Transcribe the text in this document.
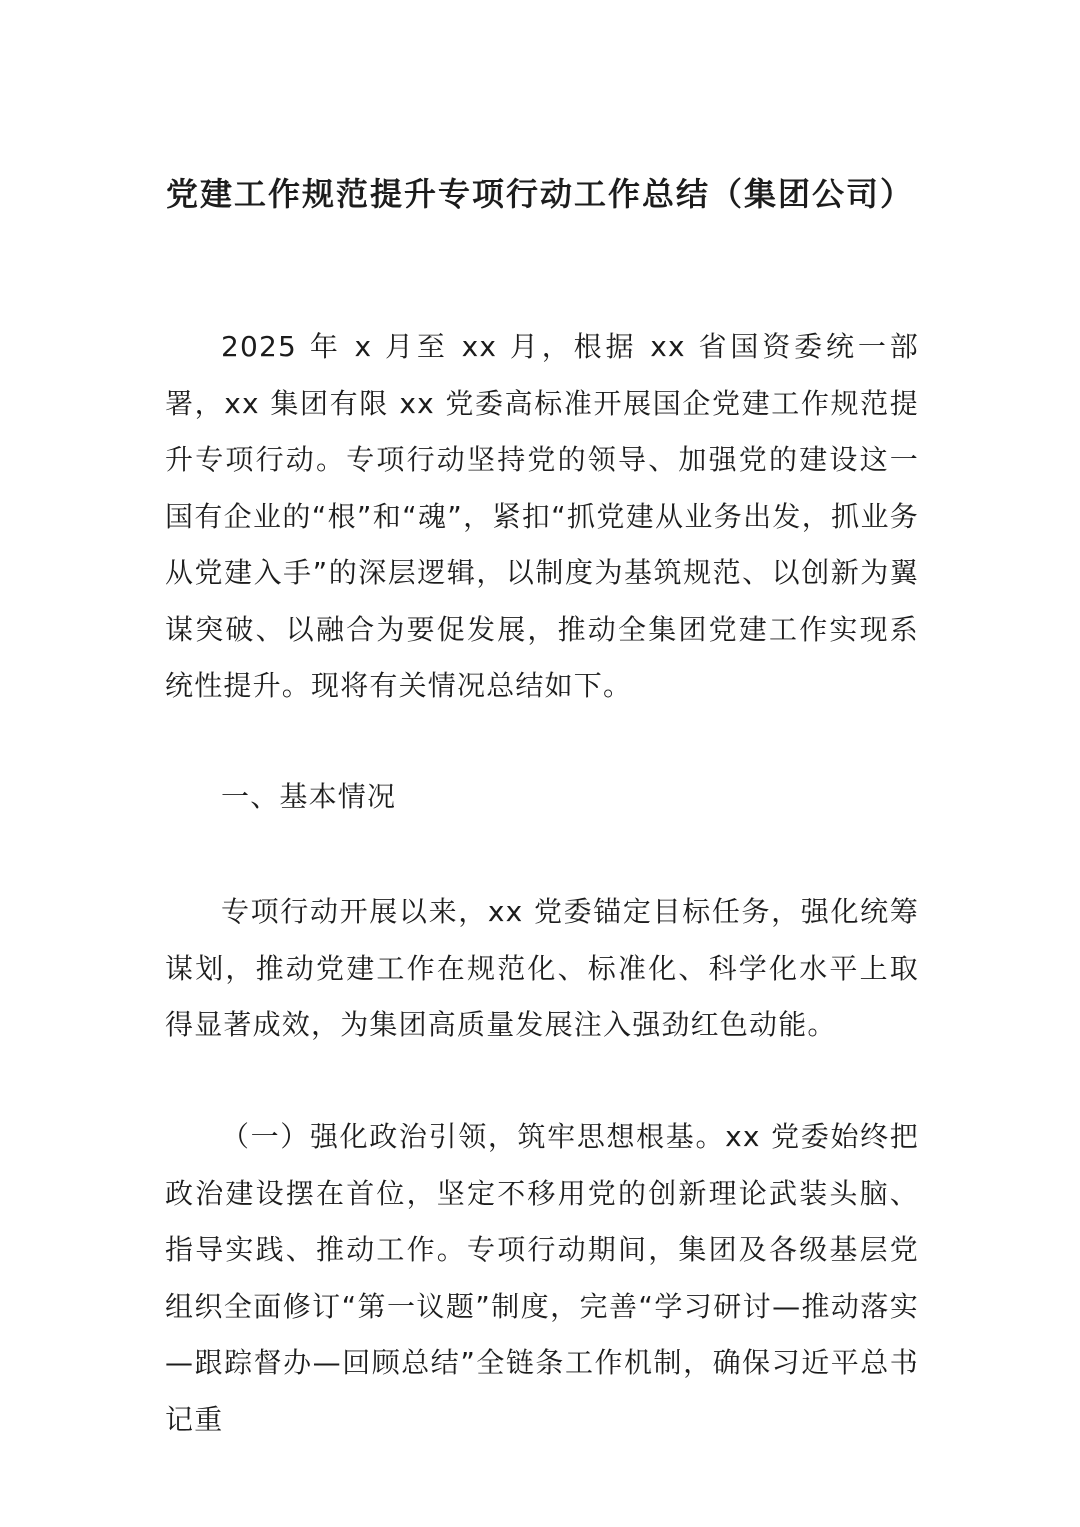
党建工作规范提升专项行动工作总结（集团公司）

2025 年 x 月至 xx 月，根据 xx 省国资委统一部署，xx 集团有限 xx 党委高标准开展国企党建工作规范提升专项行动。专项行动坚持党的领导、加强党的建设这一国有企业的“根”和“魂”，紧扣“抓党建从业务出发，抓业务从党建入手”的深层逻辑，以制度为基筑规范、以创新为翼谋突破、以融合为要促发展，推动全集团党建工作实现系统性提升。现将有关情况总结如下。

一、基本情况

专项行动开展以来，xx 党委锚定目标任务，强化统筹谋划，推动党建工作在规范化、标准化、科学化水平上取得显著成效，为集团高质量发展注入强劲红色动能。

（一）强化政治引领，筑牢思想根基。xx 党委始终把政治建设摆在首位，坚定不移用党的创新理论武装头脑、指导实践、推动工作。专项行动期间，集团及各级基层党组织全面修订“第一议题”制度，完善“学习研讨—推动落实—跟踪督办—回顾总结”全链条工作机制，确保习近平总书记重
